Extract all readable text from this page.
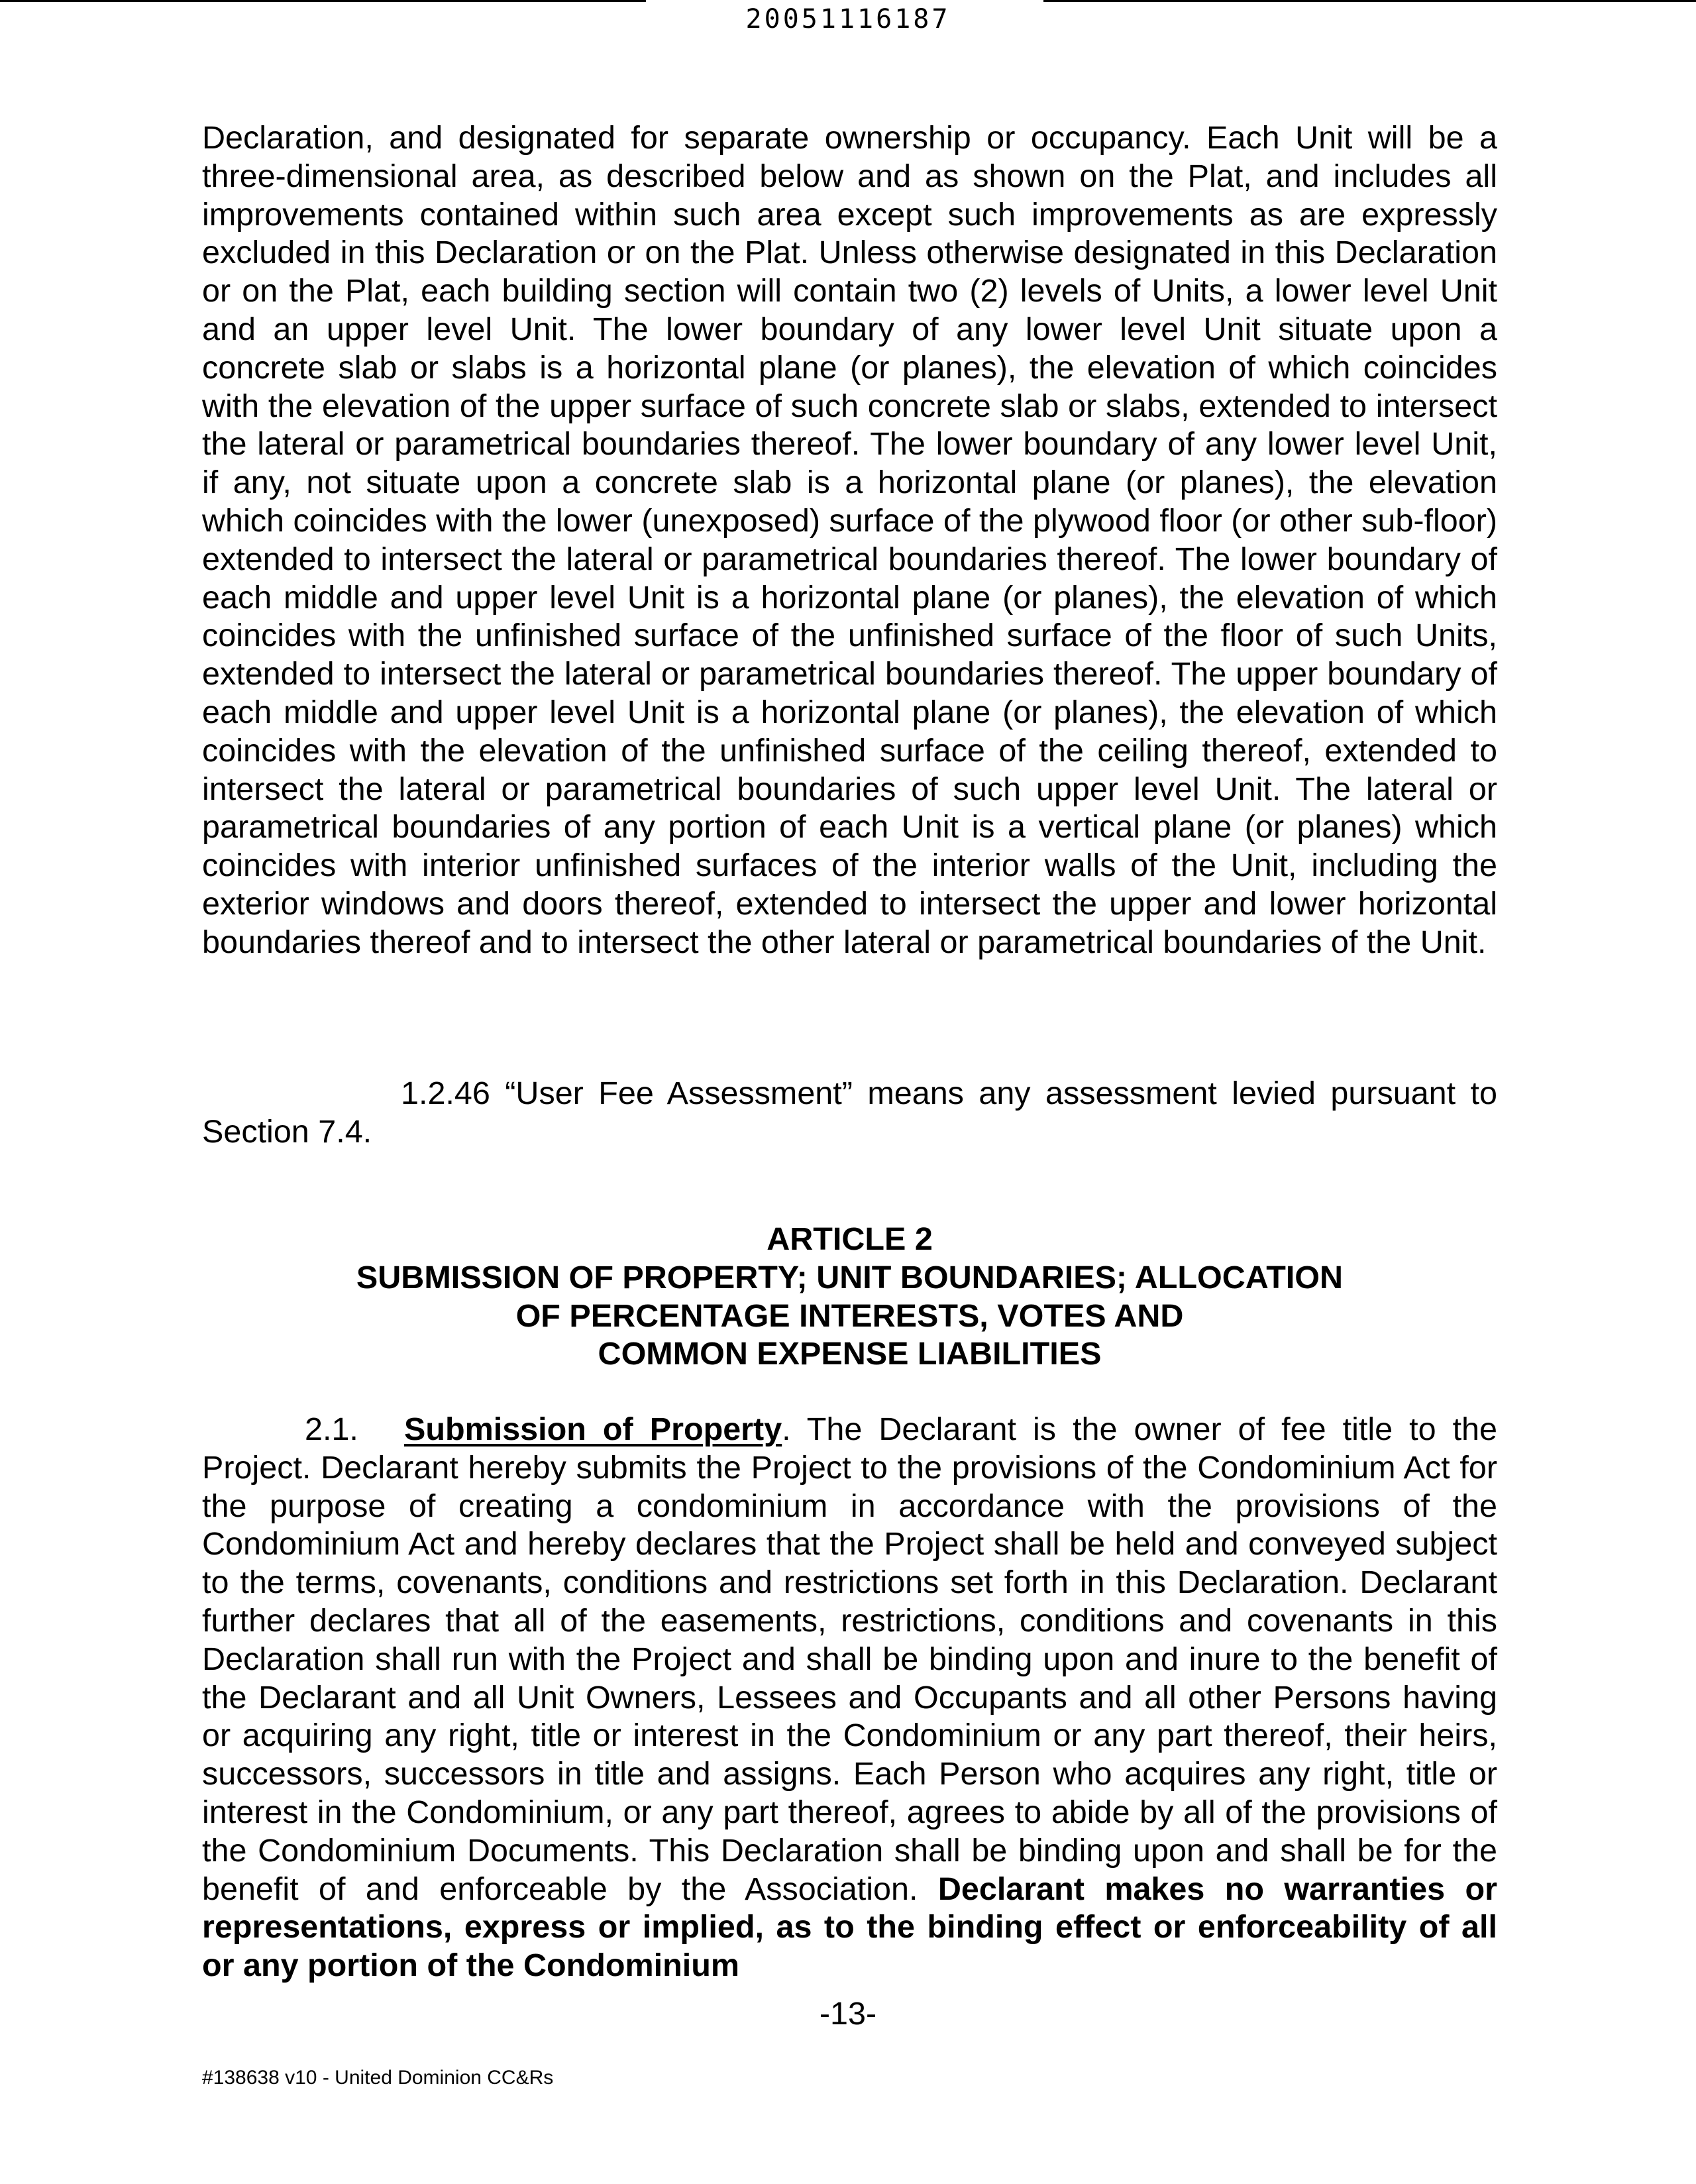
20051116187

Declaration, and designated for separate ownership or occupancy. Each Unit will be a three-dimensional area, as described below and as shown on the Plat, and includes all improvements contained within such area except such improvements as are expressly excluded in this Declaration or on the Plat. Unless otherwise designated in this Declaration or on the Plat, each building section will contain two (2) levels of Units, a lower level Unit and an upper level Unit. The lower boundary of any lower level Unit situate upon a concrete slab or slabs is a horizontal plane (or planes), the elevation of which coincides with the elevation of the upper surface of such concrete slab or slabs, extended to intersect the lateral or parametrical boundaries thereof. The lower boundary of any lower level Unit, if any, not situate upon a concrete slab is a horizontal plane (or planes), the elevation which coincides with the lower (unexposed) surface of the plywood floor (or other sub-floor) extended to intersect the lateral or parametrical boundaries thereof. The lower boundary of each middle and upper level Unit is a horizontal plane (or planes), the elevation of which coincides with the unfinished surface of the unfinished surface of the floor of such Units, extended to intersect the lateral or parametrical boundaries thereof. The upper boundary of each middle and upper level Unit is a horizontal plane (or planes), the elevation of which coincides with the elevation of the unfinished surface of the ceiling thereof, extended to intersect the lateral or parametrical boundaries of such upper level Unit. The lateral or parametrical boundaries of any portion of each Unit is a vertical plane (or planes) which coincides with interior unfinished surfaces of the interior walls of the Unit, including the exterior windows and doors thereof, extended to intersect the upper and lower horizontal boundaries thereof and to intersect the other lateral or parametrical boundaries of the Unit.

1.2.46 “User Fee Assessment” means any assessment levied pursuant to Section 7.4.

ARTICLE 2
SUBMISSION OF PROPERTY; UNIT BOUNDARIES; ALLOCATION
OF PERCENTAGE INTERESTS, VOTES AND
COMMON EXPENSE LIABILITIES

2.1. Submission of Property. The Declarant is the owner of fee title to the Project. Declarant hereby submits the Project to the provisions of the Condominium Act for the purpose of creating a condominium in accordance with the provisions of the Condominium Act and hereby declares that the Project shall be held and conveyed subject to the terms, covenants, conditions and restrictions set forth in this Declaration. Declarant further declares that all of the easements, restrictions, conditions and covenants in this Declaration shall run with the Project and shall be binding upon and inure to the benefit of the Declarant and all Unit Owners, Lessees and Occupants and all other Persons having or acquiring any right, title or interest in the Condominium or any part thereof, their heirs, successors, successors in title and assigns. Each Person who acquires any right, title or interest in the Condominium, or any part thereof, agrees to abide by all of the provisions of the Condominium Documents. This Declaration shall be binding upon and shall be for the benefit of and enforceable by the Association. Declarant makes no warranties or representations, express or implied, as to the binding effect or enforceability of all or any portion of the Condominium

-13-
#138638 v10 - United Dominion CC&Rs
